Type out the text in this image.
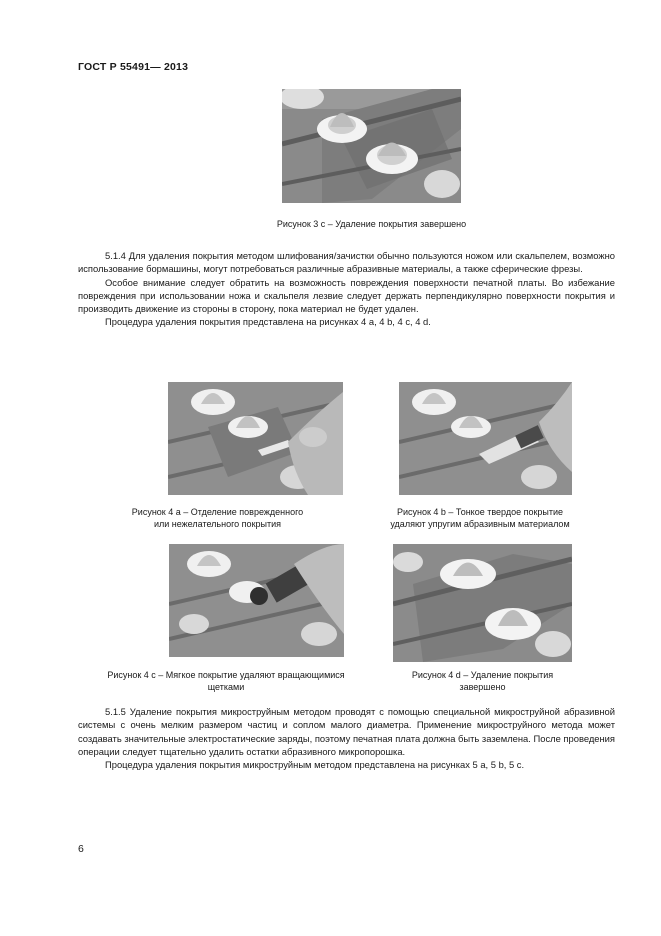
ГОСТ Р 55491— 2013
Рисунок 3 с – Удаление покрытия завершено

5.1.4 Для удаления покрытия методом шлифования/зачистки обычно пользуются ножом или скальпелем, возможно использование бормашины, могут потребоваться различные абразивные материалы, а также сферические фрезы.

Особое внимание следует обратить на возможность повреждения поверхности печатной платы. Во избежание повреждения при использовании ножа и скальпеля лезвие следует держать перпендикулярно поверхности покрытия и производить движение из стороны в сторону, пока материал не будет удален.

Процедура удаления покрытия представлена на рисунках 4 а, 4 b, 4 с, 4 d.

Рисунок 4 а – Отделение поврежденного
или нежелательного покрытия
Рисунок 4 b – Тонкое твердое покрытие
удаляют упругим абразивным материалом
Рисунок 4 с – Мягкое покрытие удаляют вращающимися
щетками
Рисунок 4 d – Удаление покрытия
завершено

5.1.5 Удаление покрытия микроструйным методом проводят с помощью специальной микроструйной абразивной системы с очень мелким размером частиц и соплом малого диаметра. Применение микроструйного метода может создавать значительные электростатические заряды, поэтому печатная плата должна быть заземлена. После проведения операции следует тщательно удалить остатки абразивного микропорошка.

Процедура удаления покрытия микроструйным методом представлена на рисунках 5 а, 5 b, 5 с.

6
